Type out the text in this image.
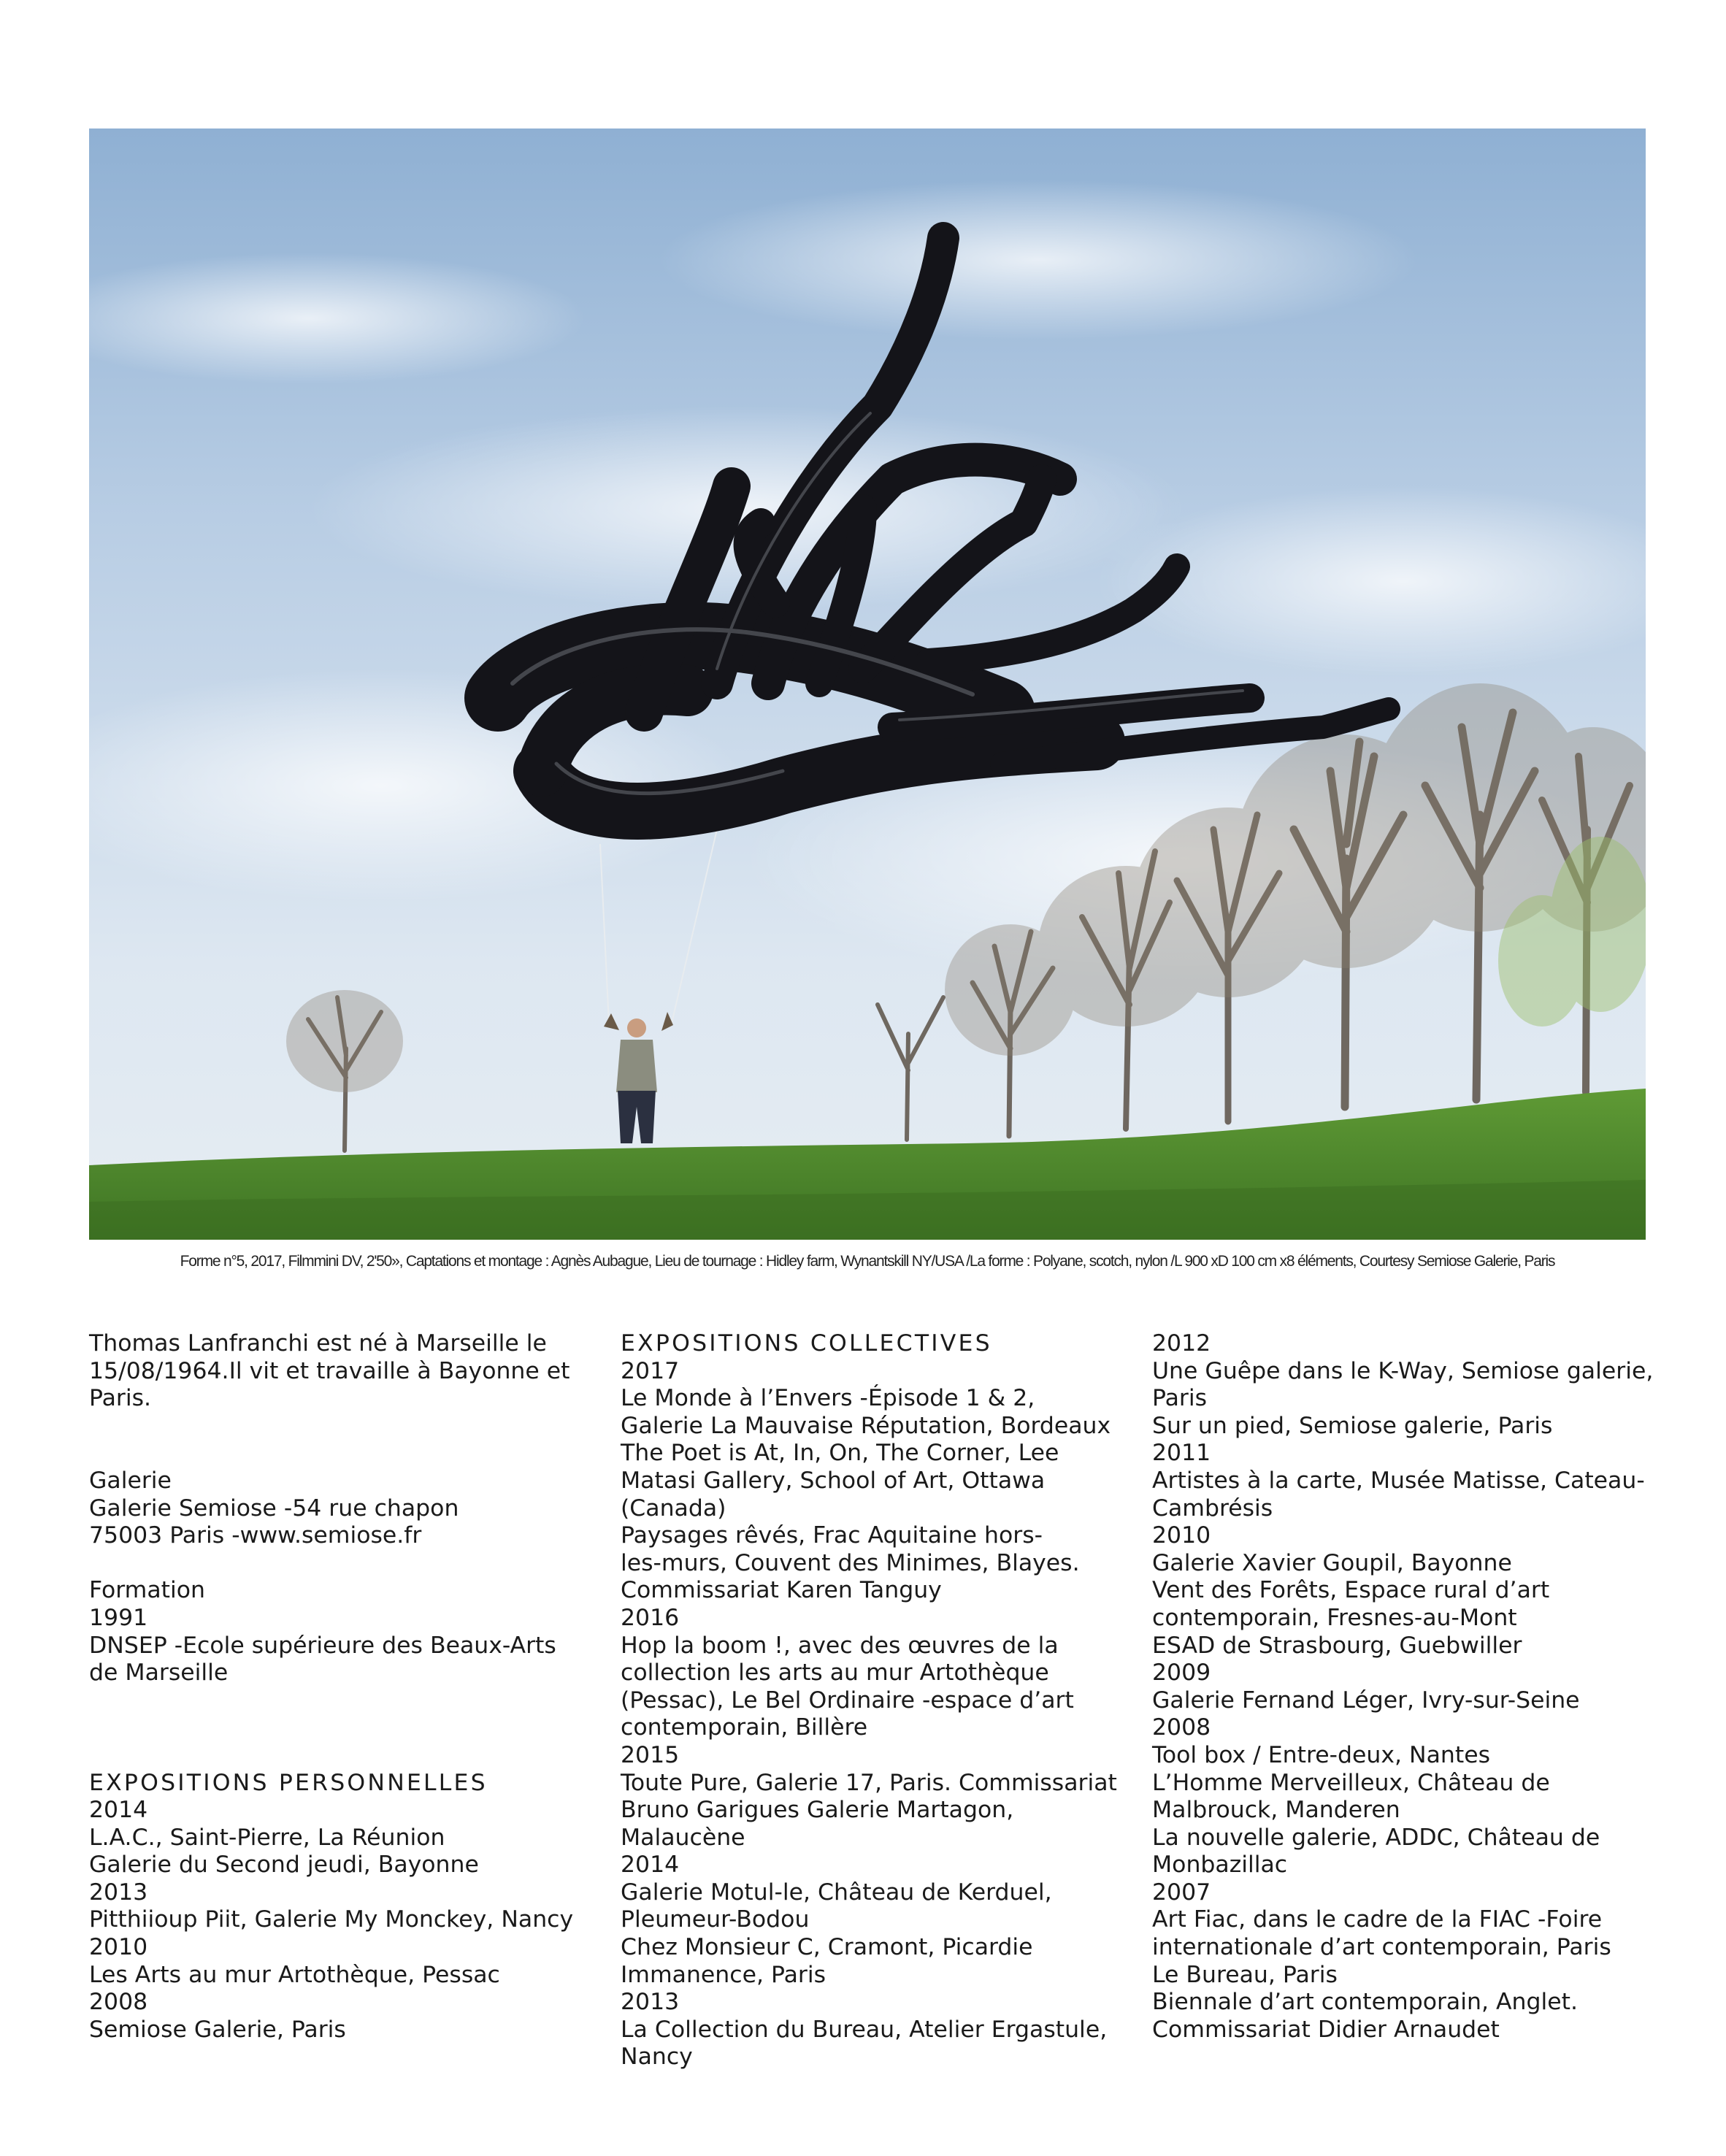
Forme n°5, 2017, Filmmini DV, 2'50», Captations et montage : Agnès Aubague, Lieu de tournage : Hidley farm, Wynantskill NY/USA /La forme : Polyane, scotch, nylon /L 900 xD 100 cm x8 éléments, Courtesy Semiose Galerie, Paris
Thomas Lanfranchi est né à Marseille le
15/08/1964.Il vit et travaille à Bayonne et
Paris.
Galerie
Galerie Semiose -54 rue chapon
75003 Paris -www.semiose.fr
Formation
1991
DNSEP -Ecole supérieure des Beaux-Arts
de Marseille
EXPOSITIONS PERSONNELLES
2014
L.A.C., Saint-Pierre, La Réunion
Galerie du Second jeudi, Bayonne
2013
Pitthiioup Piit, Galerie My Monckey, Nancy
2010
Les Arts au mur Artothèque, Pessac
2008
Semiose Galerie, Paris
EXPOSITIONS COLLECTIVES
2017
Le Monde à l’Envers -Épisode 1 & 2,
Galerie La Mauvaise Réputation, Bordeaux
The Poet is At, In, On, The Corner, Lee
Matasi Gallery, School of Art, Ottawa
(Canada)
Paysages rêvés, Frac Aquitaine hors-
les-murs, Couvent des Minimes, Blayes.
Commissariat Karen Tanguy
2016
Hop la boom !, avec des œuvres de la
collection les arts au mur Artothèque
(Pessac), Le Bel Ordinaire -espace d’art
contemporain, Billère
2015
Toute Pure, Galerie 17, Paris. Commissariat
Bruno Garigues Galerie Martagon,
Malaucène
2014
Galerie Motul-le, Château de Kerduel,
Pleumeur-Bodou
Chez Monsieur C, Cramont, Picardie
Immanence, Paris
2013
La Collection du Bureau, Atelier Ergastule,
Nancy
2012
Une Guêpe dans le K-Way, Semiose galerie,
Paris
Sur un pied, Semiose galerie, Paris
2011
Artistes à la carte, Musée Matisse, Cateau-
Cambrésis
2010
Galerie Xavier Goupil, Bayonne
Vent des Forêts, Espace rural d’art
contemporain, Fresnes-au-Mont
ESAD de Strasbourg, Guebwiller
2009
Galerie Fernand Léger, Ivry-sur-Seine
2008
Tool box / Entre-deux, Nantes
L’Homme Merveilleux, Château de
Malbrouck, Manderen
La nouvelle galerie, ADDC, Château de
Monbazillac
2007
Art Fiac, dans le cadre de la FIAC -Foire
internationale d’art contemporain, Paris
Le Bureau, Paris
Biennale d’art contemporain, Anglet.
Commissariat Didier Arnaudet
